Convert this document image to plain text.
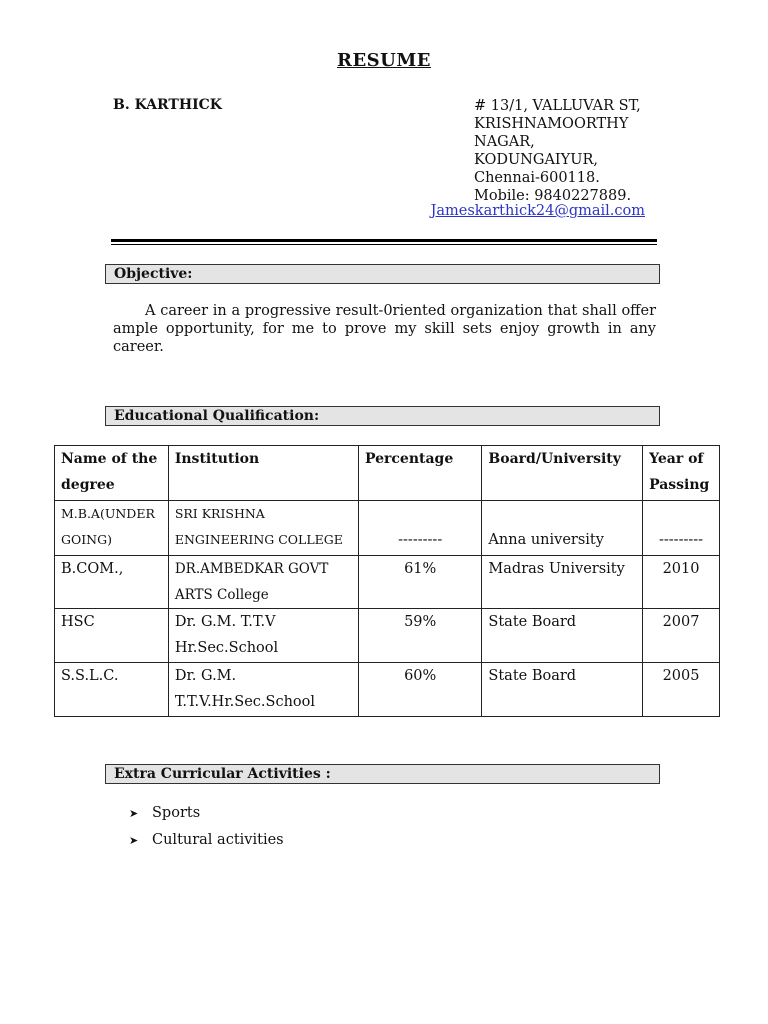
RESUME
B. KARTHICK	# 13/1, VALLUVAR ST,
KRISHNAMOORTHY
NAGAR,
KODUNGAIYUR,
Chennai-600118.
Mobile: 9840227889.
Jameskarthick24@gmail.com
Objective:
A career in a progressive result-0riented organization that shall offer ample opportunity, for me to prove my skill sets enjoy growth in any career.
Educational Qualification:
Name of the degree	Institution	Percentage	Board/University	Year of Passing
M.B.A(UNDER GOING)	SRI KRISHNA ENGINEERING COLLEGE	---------	Anna university	---------
B.COM.,	DR.AMBEDKAR GOVT ARTS College	61%	Madras University	2010
HSC	Dr. G.M. T.T.V Hr.Sec.School	59%	State Board	2007
S.S.L.C.	Dr. G.M. T.T.V.Hr.Sec.School	60%	State Board	2005
Extra Curricular Activities :
➤ Sports
➤ Cultural activities
